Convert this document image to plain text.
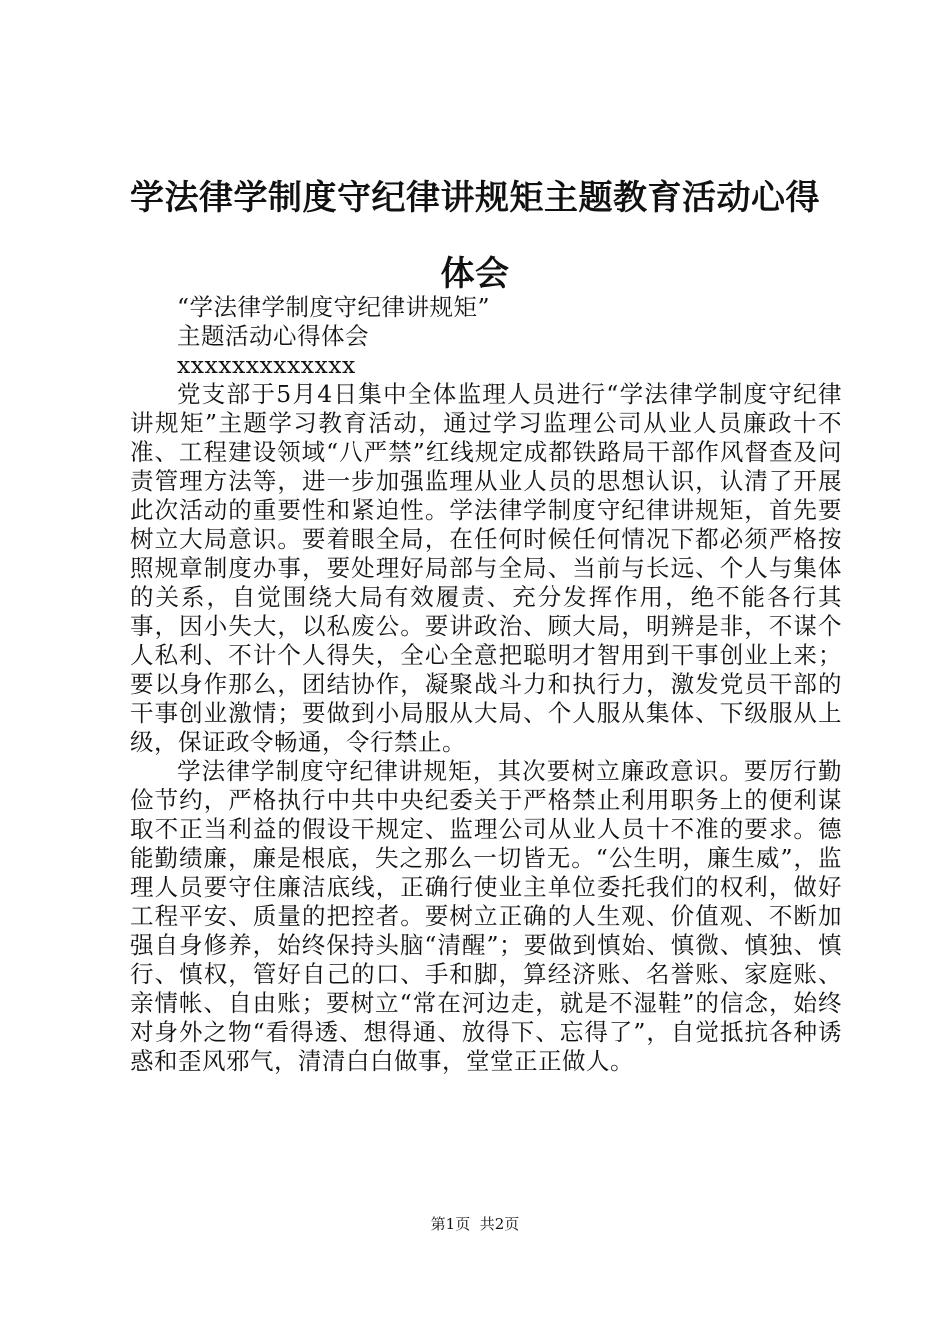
学法律学制度守纪律讲规矩主题教育活动心得体会

“学法律学制度守纪律讲规矩”

主题活动心得体会

xxxxxxxxxxxxx

党支部于5月4日集中全体监理人员进行“学法律学制度守纪律讲规矩”主题学习教育活动，通过学习监理公司从业人员廉政十不准、工程建设领域“八严禁”红线规定成都铁路局干部作风督查及问责管理方法等，进一步加强监理从业人员的思想认识，认清了开展此次活动的重要性和紧迫性。学法律学制度守纪律讲规矩，首先要树立大局意识。要着眼全局，在任何时候任何情况下都必须严格按照规章制度办事，要处理好局部与全局、当前与长远、个人与集体的关系，自觉围绕大局有效履责、充分发挥作用，绝不能各行其事，因小失大，以私废公。要讲政治、顾大局，明辨是非，不谋个人私利、不计个人得失，全心全意把聪明才智用到干事创业上来；要以身作那么，团结协作，凝聚战斗力和执行力，激发党员干部的干事创业激情；要做到小局服从大局、个人服从集体、下级服从上级，保证政令畅通，令行禁止。

学法律学制度守纪律讲规矩，其次要树立廉政意识。要厉行勤俭节约，严格执行中共中央纪委关于严格禁止利用职务上的便利谋取不正当利益的假设干规定、监理公司从业人员十不准的要求。德能勤绩廉，廉是根底，失之那么一切皆无。“公生明，廉生威”，监理人员要守住廉洁底线，正确行使业主单位委托我们的权利，做好工程平安、质量的把控者。要树立正确的人生观、价值观、不断加强自身修养，始终保持头脑“清醒”；要做到慎始、慎微、慎独、慎行、慎权，管好自己的口、手和脚，算经济账、名誉账、家庭账、亲情帐、自由账；要树立“常在河边走，就是不湿鞋”的信念，始终对身外之物“看得透、想得通、放得下、忘得了”，自觉抵抗各种诱惑和歪风邪气，清清白白做事，堂堂正正做人。

第1页 共2页
